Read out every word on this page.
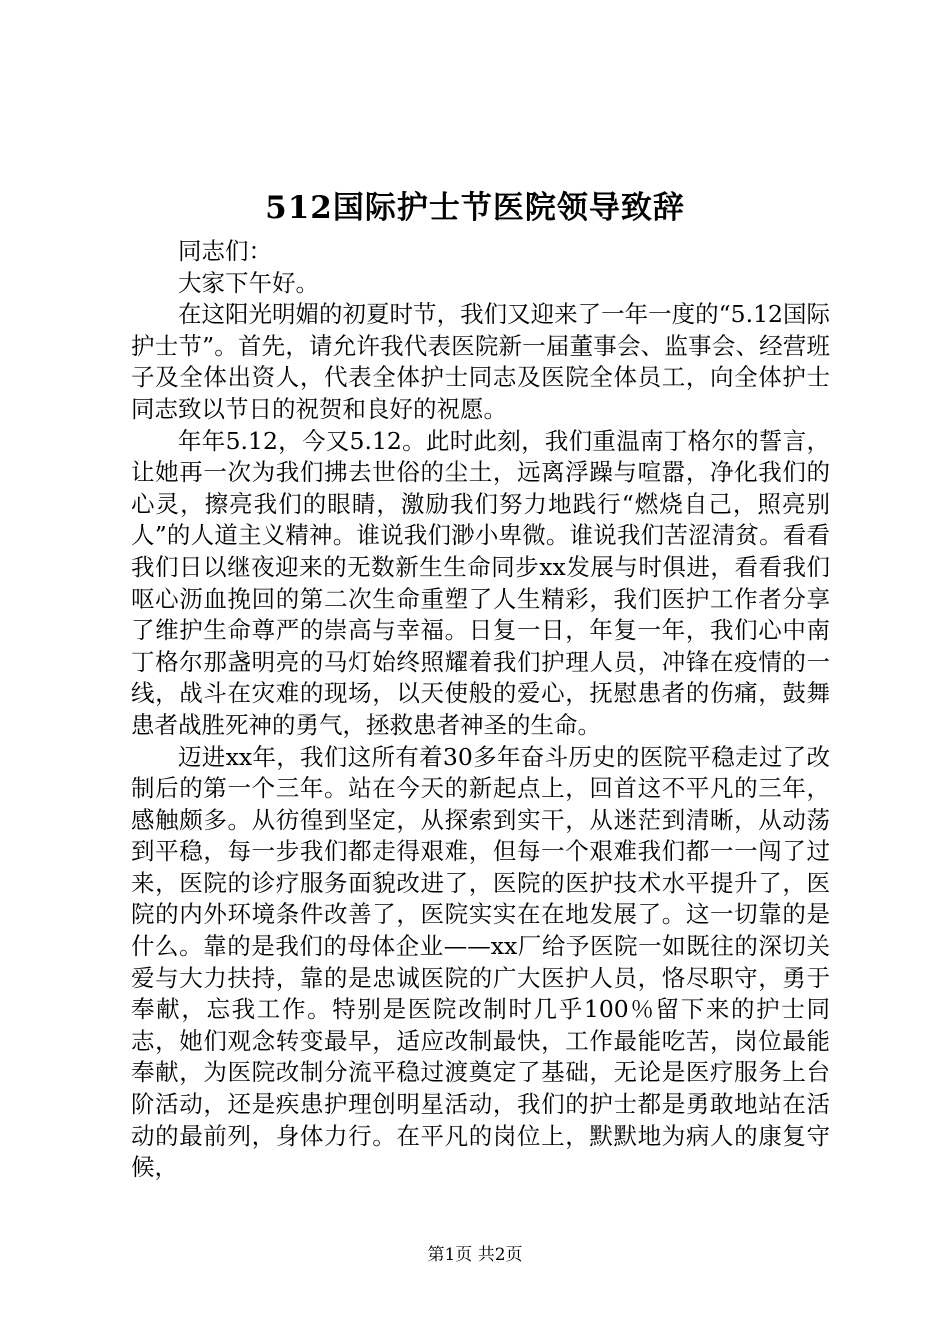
512国际护士节医院领导致辞

同志们：

大家下午好。

在这阳光明媚的初夏时节，我们又迎来了一年一度的“5.12国际护士节”。首先，请允许我代表医院新一届董事会、监事会、经营班子及全体出资人，代表全体护士同志及医院全体员工，向全体护士同志致以节日的祝贺和良好的祝愿。

年年5.12，今又5.12。此时此刻，我们重温南丁格尔的誓言，让她再一次为我们拂去世俗的尘土，远离浮躁与喧嚣，净化我们的心灵，擦亮我们的眼睛，激励我们努力地践行“燃烧自己，照亮别人”的人道主义精神。谁说我们渺小卑微。谁说我们苦涩清贫。看看我们日以继夜迎来的无数新生生命同步xx发展与时俱进，看看我们呕心沥血挽回的第二次生命重塑了人生精彩，我们医护工作者分享了维护生命尊严的崇高与幸福。日复一日，年复一年，我们心中南丁格尔那盏明亮的马灯始终照耀着我们护理人员，冲锋在疫情的一线，战斗在灾难的现场，以天使般的爱心，抚慰患者的伤痛，鼓舞患者战胜死神的勇气，拯救患者神圣的生命。

迈进xx年，我们这所有着30多年奋斗历史的医院平稳走过了改制后的第一个三年。站在今天的新起点上，回首这不平凡的三年，感触颇多。从彷徨到坚定，从探索到实干，从迷茫到清晰，从动荡到平稳，每一步我们都走得艰难，但每一个艰难我们都一一闯了过来，医院的诊疗服务面貌改进了，医院的医护技术水平提升了，医院的内外环境条件改善了，医院实实在在地发展了。这一切靠的是什么。靠的是我们的母体企业——xx厂给予医院一如既往的深切关爱与大力扶持，靠的是忠诚医院的广大医护人员，恪尽职守，勇于奉献，忘我工作。特别是医院改制时几乎100％留下来的护士同志，她们观念转变最早，适应改制最快，工作最能吃苦，岗位最能奉献，为医院改制分流平稳过渡奠定了基础，无论是医疗服务上台阶活动，还是疾患护理创明星活动，我们的护士都是勇敢地站在活动的最前列，身体力行。在平凡的岗位上，默默地为病人的康复守候，

第1页 共2页
